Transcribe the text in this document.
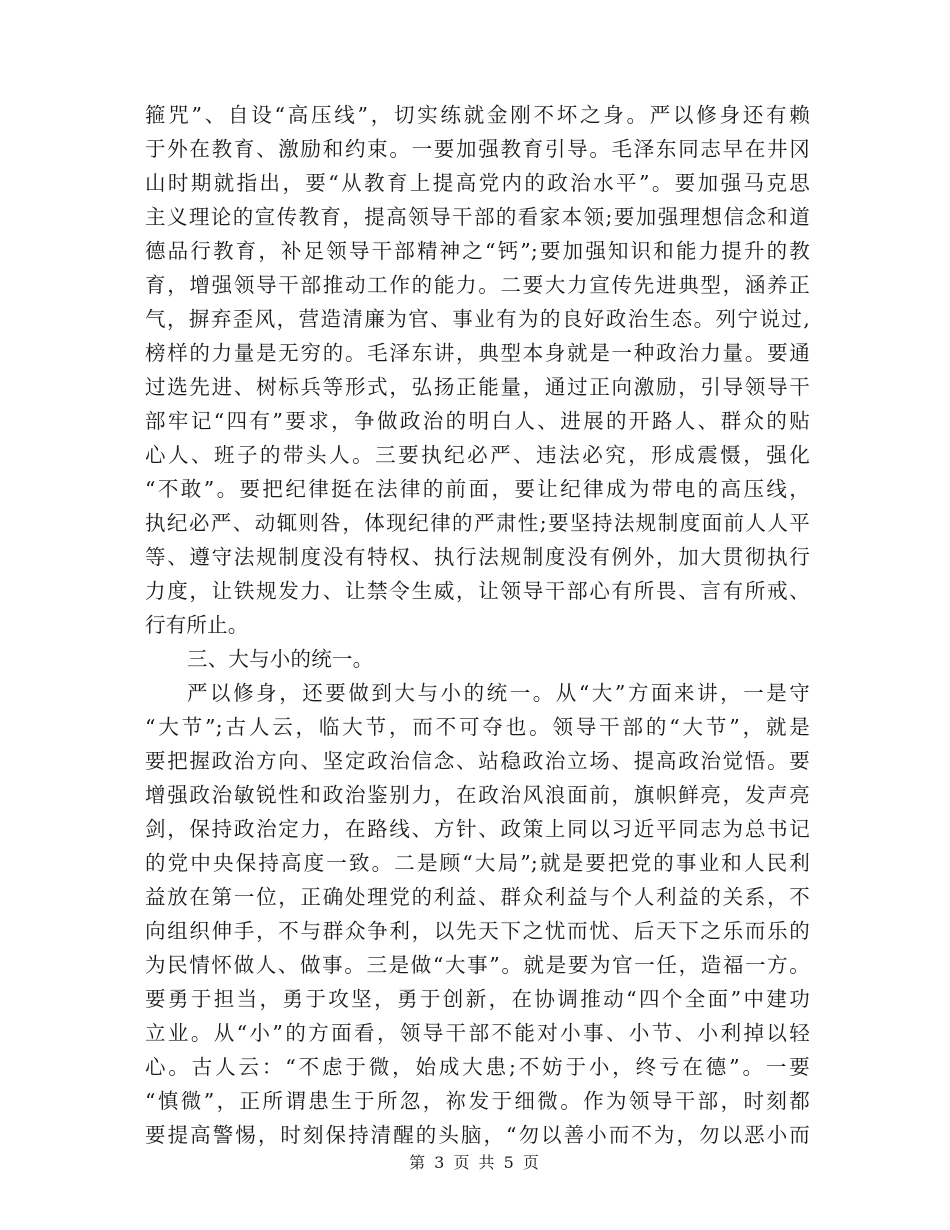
箍咒”、自设“高压线”，切实练就金刚不坏之身。严以修身还有赖
于外在教育、激励和约束。一要加强教育引导。毛泽东同志早在井冈
山时期就指出，要“从教育上提高党内的政治水平”。要加强马克思
主义理论的宣传教育，提高领导干部的看家本领;要加强理想信念和道
德品行教育，补足领导干部精神之“钙”;要加强知识和能力提升的教
育，增强领导干部推动工作的能力。二要大力宣传先进典型，涵养正
气，摒弃歪风，营造清廉为官、事业有为的良好政治生态。列宁说过,
榜样的力量是无穷的。毛泽东讲，典型本身就是一种政治力量。要通
过选先进、树标兵等形式，弘扬正能量，通过正向激励，引导领导干
部牢记“四有”要求，争做政治的明白人、进展的开路人、群众的贴
心人、班子的带头人。三要执纪必严、违法必究，形成震慑，强化
“不敢”。要把纪律挺在法律的前面，要让纪律成为带电的高压线，
执纪必严、动辄则咎，体现纪律的严肃性;要坚持法规制度面前人人平
等、遵守法规制度没有特权、执行法规制度没有例外，加大贯彻执行
力度，让铁规发力、让禁令生威，让领导干部心有所畏、言有所戒、
行有所止。
三、大与小的统一。
严以修身，还要做到大与小的统一。从“大”方面来讲，一是守
“大节”;古人云，临大节，而不可夺也。领导干部的“大节”，就是
要把握政治方向、坚定政治信念、站稳政治立场、提高政治觉悟。要
增强政治敏锐性和政治鉴别力，在政治风浪面前，旗帜鲜亮，发声亮
剑，保持政治定力，在路线、方针、政策上同以习近平同志为总书记
的党中央保持高度一致。二是顾“大局”;就是要把党的事业和人民利
益放在第一位，正确处理党的利益、群众利益与个人利益的关系，不
向组织伸手，不与群众争利，以先天下之忧而忧、后天下之乐而乐的
为民情怀做人、做事。三是做“大事”。就是要为官一任，造福一方。
要勇于担当，勇于攻坚，勇于创新，在协调推动“四个全面”中建功
立业。从“小”的方面看，领导干部不能对小事、小节、小利掉以轻
心。古人云：“不虑于微，始成大患;不妨于小，终亏在德”。一要
“慎微”，正所谓患生于所忽，祢发于细微。作为领导干部，时刻都
要提高警惕，时刻保持清醒的头脑，“勿以善小而不为，勿以恶小而
第 3 页 共 5 页
